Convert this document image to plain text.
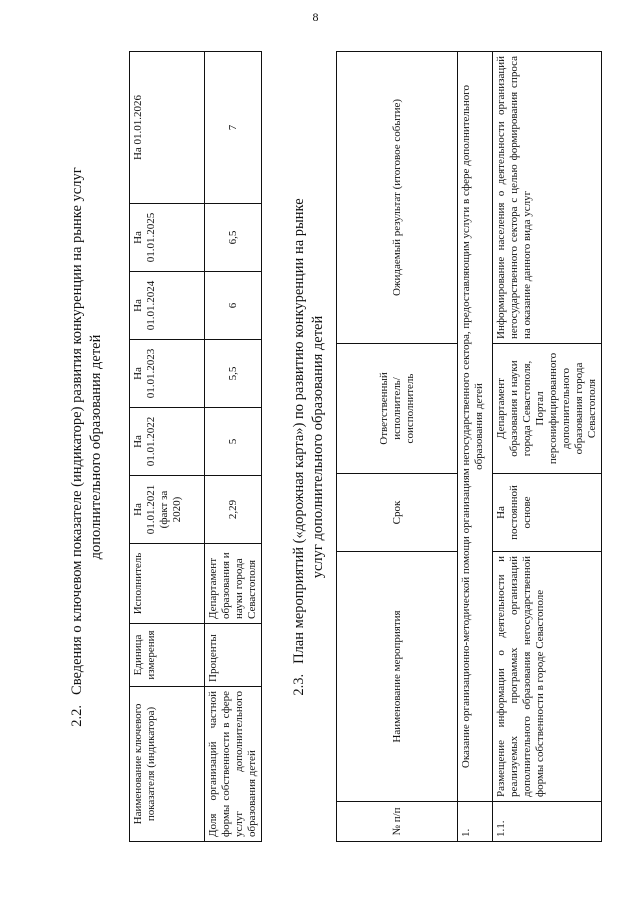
8

2.2.Сведения о ключевом показателе (индикаторе) развития конкуренции на рынке услуг дополнительного образования детей

Наименование ключевого показателя (индикатора)	Единица измерения	Исполнитель	На 01.01.2021 (факт за 2020)	На 01.01.2022	На 01.01.2023	На 01.01.2024	На 01.01.2025	На 01.01.2026
Доля организаций частной формы собственности в сфере услуг дополнительного образования детей	Проценты	Департамент образования и науки города Севастополя	2,29	5	5,5	6	6,5	7

2.3.План мероприятий («дорожная карта») по развитию конкуренции на рынке услуг дополнительного образования детей

№ п/п	Наименование мероприятия	Срок	Ответственный исполнитель/ соисполнитель	Ожидаемый результат (итоговое событие)
1.	Оказание организационно-методической помощи организациям негосударственного сектора, предоставляющим услуги в сфере дополнительного образования детей			
1.1.	Размещение информации о деятельности и реализуемых программах организаций дополнительного образования негосударственной формы собственности в городе Севастополе	На постоянной основе	Департамент образования и науки города Севастополя, Портал персонифицированного дополнительного образования города Севастополя	Информирование населения о деятельности организаций негосударственного сектора с целью формирования спроса на оказание данного вида услуг
